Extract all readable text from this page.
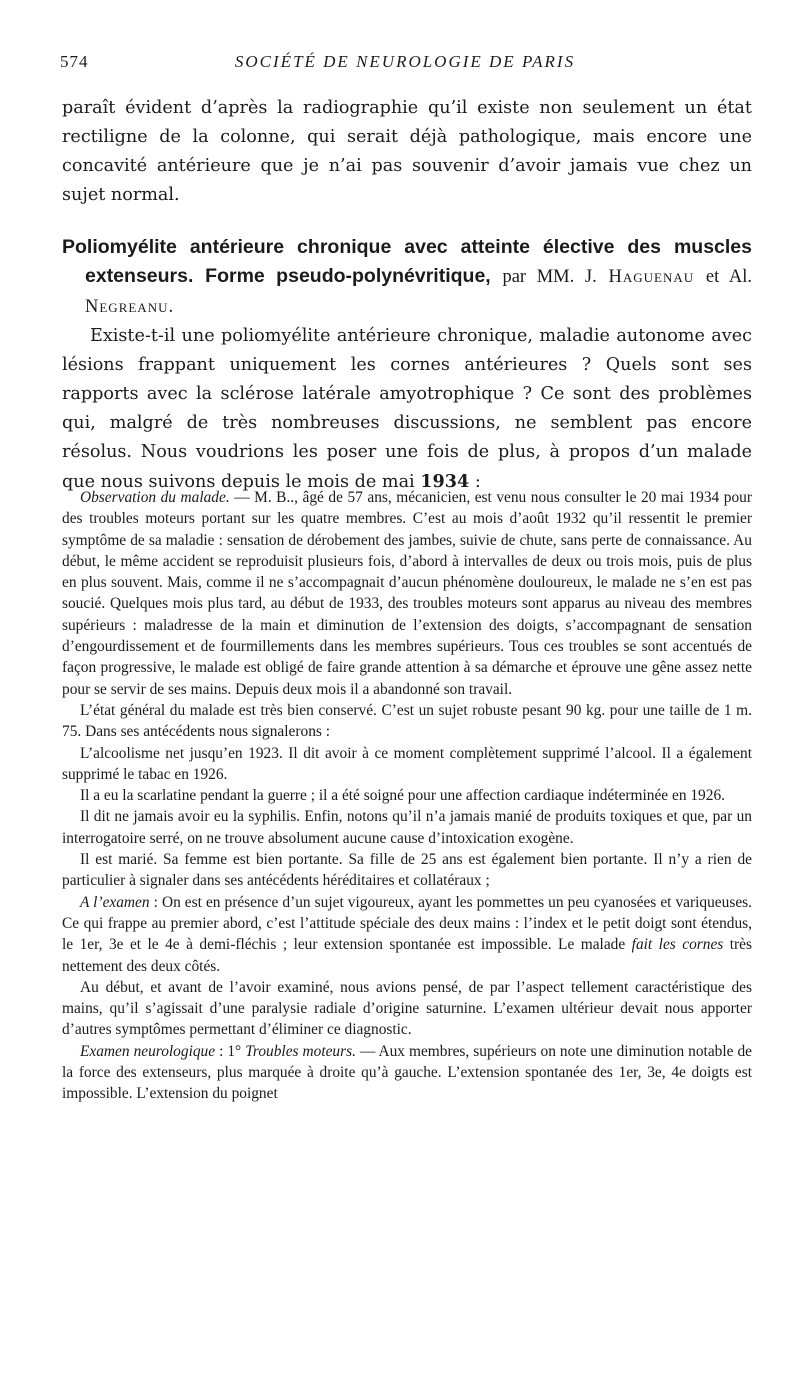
574	SOCIÉTÉ DE NEUROLOGIE DE PARIS

paraît évident d’après la radiographie qu’il existe non seulement un état rectiligne de la colonne, qui serait déjà pathologique, mais encore une concavité antérieure que je n’ai pas souvenir d’avoir jamais vue chez un sujet normal.

Poliomyélite antérieure chronique avec atteinte élective des muscles extenseurs. Forme pseudo-polynévritique, par MM. J. Haguenau et Al. Negreanu.

Existe-t-il une poliomyélite antérieure chronique, maladie autonome avec lésions frappant uniquement les cornes antérieures ? Quels sont ses rapports avec la sclérose latérale amyotrophique ? Ce sont des problèmes qui, malgré de très nombreuses discussions, ne semblent pas encore résolus. Nous voudrions les poser une fois de plus, à propos d’un malade que nous suivons depuis le mois de mai 1934 :

Observation du malade. — M. B.., âgé de 57 ans, mécanicien, est venu nous consulter le 20 mai 1934 pour des troubles moteurs portant sur les quatre membres. C’est au mois d’août 1932 qu’il ressentit le premier symptôme de sa maladie : sensation de dérobement des jambes, suivie de chute, sans perte de connaissance. Au début, le même accident se reproduisit plusieurs fois, d’abord à intervalles de deux ou trois mois, puis de plus en plus souvent. Mais, comme il ne s’accompagnait d’aucun phénomène douloureux, le malade ne s’en est pas soucié. Quelques mois plus tard, au début de 1933, des troubles moteurs sont apparus au niveau des membres supérieurs : maladresse de la main et diminution de l’extension des doigts, s’accompagnant de sensation d’engourdissement et de fourmillements dans les membres supérieurs. Tous ces troubles se sont accentués de façon progressive, le malade est obligé de faire grande attention à sa démarche et éprouve une gêne assez nette pour se servir de ses mains. Depuis deux mois il a abandonné son travail.

L’état général du malade est très bien conservé. C’est un sujet robuste pesant 90 kg. pour une taille de 1 m. 75. Dans ses antécédents nous signalerons :

L’alcoolisme net jusqu’en 1923. Il dit avoir à ce moment complètement supprimé l’alcool. Il a également supprimé le tabac en 1926.

Il a eu la scarlatine pendant la guerre ; il a été soigné pour une affection cardiaque indéterminée en 1926.

Il dit ne jamais avoir eu la syphilis. Enfin, notons qu’il n’a jamais manié de produits toxiques et que, par un interrogatoire serré, on ne trouve absolument aucune cause d’intoxication exogène.

Il est marié. Sa femme est bien portante. Sa fille de 25 ans est également bien portante. Il n’y a rien de particulier à signaler dans ses antécédents héréditaires et collatéraux ;

A l’examen : On est en présence d’un sujet vigoureux, ayant les pommettes un peu cyanosées et variqueuses. Ce qui frappe au premier abord, c’est l’attitude spéciale des deux mains : l’index et le petit doigt sont étendus, le 1er, 3e et le 4e à demi-fléchis ; leur extension spontanée est impossible. Le malade fait les cornes très nettement des deux côtés.

Au début, et avant de l’avoir examiné, nous avions pensé, de par l’aspect tellement caractéristique des mains, qu’il s’agissait d’une paralysie radiale d’origine saturnine. L’examen ultérieur devait nous apporter d’autres symptômes permettant d’éliminer ce diagnostic.

Examen neurologique : 1° Troubles moteurs. — Aux membres, supérieurs on note une diminution notable de la force des extenseurs, plus marquée à droite qu’à gauche. L’extension spontanée des 1er, 3e, 4e doigts est impossible. L’extension du poignet
